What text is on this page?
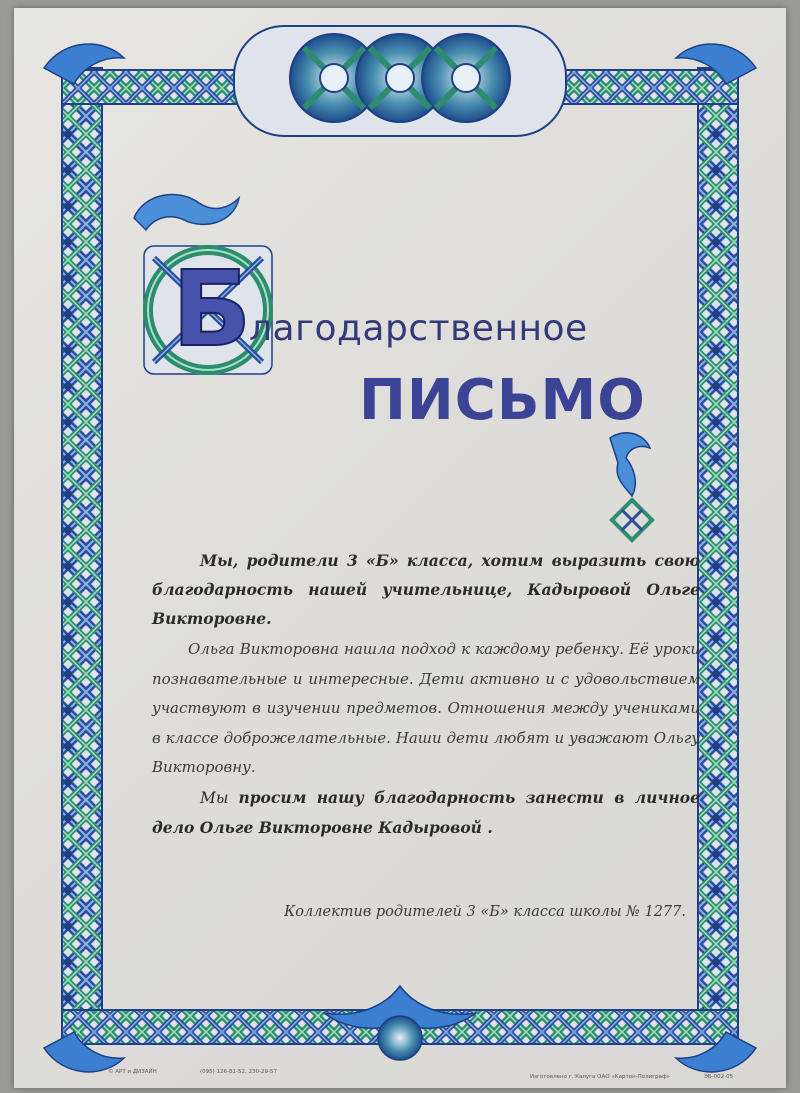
Б
лагодарственное
ПИСЬМО

Мы, родители 3 «Б» класса, хотим выразить свою благодарность нашей учительнице, Кадыровой Ольге Викторовне.

Ольга Викторовна нашла подход к каждому ребенку. Её уроки познавательные и интересные. Дети активно и с удовольствием участвуют в изучении предметов. Отношения между учениками в классе доброжелательные. Наши дети любят и уважают Ольгу Викторовну.

Мы просим нашу благодарность занести в личное дело Ольге Викторовне Кадыровой .

Коллектив родителей 3 «Б» класса школы № 1277.
© АРТ и ДИЗАЙН	(095) 126-81-52, 230-29-57
Изготовлено г. Калуга ОАО «Картон-Полиграф»	ЭБ-002-05
